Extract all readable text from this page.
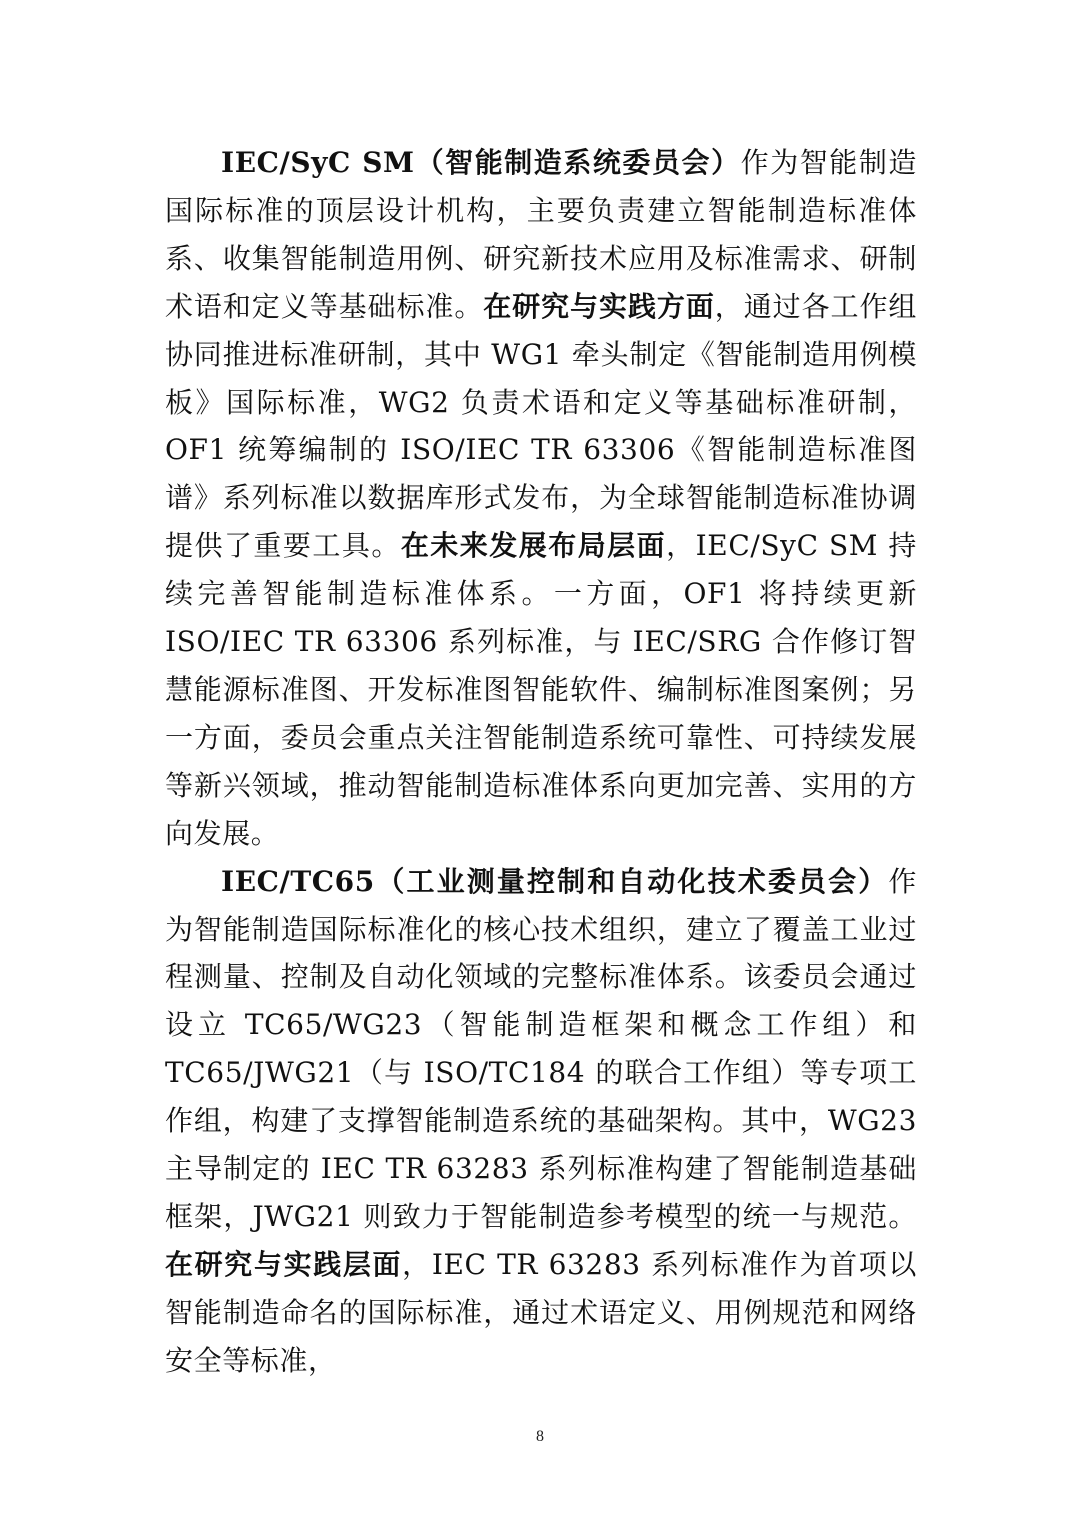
IEC/SyC SM（智能制造系统委员会）作为智能制造国际标准的顶层设计机构，主要负责建立智能制造标准体系、收集智能制造用例、研究新技术应用及标准需求、研制术语和定义等基础标准。在研究与实践方面，通过各工作组协同推进标准研制，其中 WG1 牵头制定《智能制造用例模板》国际标准，WG2 负责术语和定义等基础标准研制，OF1 统筹编制的 ISO/IEC TR 63306《智能制造标准图谱》系列标准以数据库形式发布，为全球智能制造标准协调提供了重要工具。在未来发展布局层面，IEC/SyC SM 持续完善智能制造标准体系。一方面，OF1 将持续更新 ISO/IEC TR 63306 系列标准，与 IEC/SRG 合作修订智慧能源标准图、开发标准图智能软件、编制标准图案例；另一方面，委员会重点关注智能制造系统可靠性、可持续发展等新兴领域，推动智能制造标准体系向更加完善、实用的方向发展。

IEC/TC65（工业测量控制和自动化技术委员会）作为智能制造国际标准化的核心技术组织，建立了覆盖工业过程测量、控制及自动化领域的完整标准体系。该委员会通过设立 TC65/WG23（智能制造框架和概念工作组）和 TC65/JWG21（与 ISO/TC184 的联合工作组）等专项工作组，构建了支撑智能制造系统的基础架构。其中，WG23 主导制定的 IEC TR 63283 系列标准构建了智能制造基础框架，JWG21 则致力于智能制造参考模型的统一与规范。在研究与实践层面，IEC TR 63283 系列标准作为首项以智能制造命名的国际标准，通过术语定义、用例规范和网络安全等标准，

8
